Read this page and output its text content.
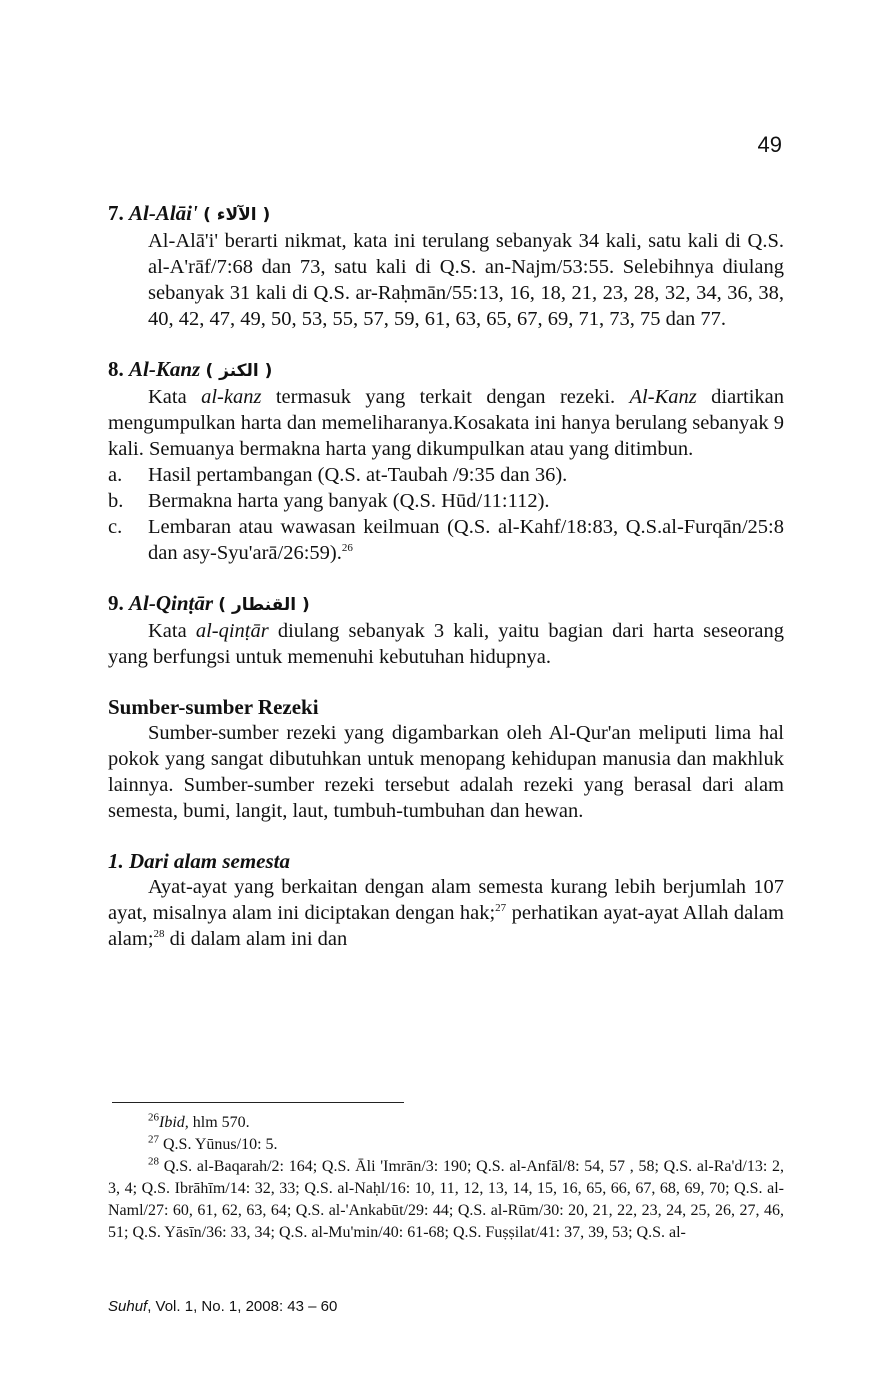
49

7. Al-Alāi' ( الآلاء )

Al-Alā'i' berarti nikmat, kata ini terulang sebanyak 34 kali, satu kali di Q.S. al-A'rāf/7:68 dan 73, satu kali di Q.S. an-Najm/53:55. Selebihnya diulang sebanyak 31 kali di Q.S. ar-Raḥmān/55:13, 16, 18, 21, 23, 28, 32, 34, 36, 38, 40, 42, 47, 49, 50, 53, 55, 57, 59, 61, 63, 65, 67, 69, 71, 73, 75 dan 77.

8. Al-Kanz ( الكنز )

Kata al-kanz termasuk yang terkait dengan rezeki. Al-Kanz diartikan mengumpulkan harta dan memeliharanya.Kosakata ini hanya berulang sebanyak 9 kali. Semuanya bermakna harta yang dikumpulkan atau yang ditimbun.

a.	Hasil pertambangan (Q.S. at-Taubah /9:35 dan 36).
b.	Bermakna harta yang banyak (Q.S. Hūd/11:112).
c.	Lembaran atau wawasan keilmuan (Q.S. al-Kahf/18:83, Q.S.al-Furqān/25:8 dan asy-Syu'arā/26:59).$^{26}$

9. Al-Qinṭār ( القنطار )

Kata al-qinṭār diulang sebanyak 3 kali, yaitu bagian dari harta seseorang yang berfungsi untuk memenuhi kebutuhan hidupnya.

Sumber-sumber Rezeki

Sumber-sumber rezeki yang digambarkan oleh Al-Qur'an meliputi lima hal pokok yang sangat dibutuhkan untuk menopang kehidupan manusia dan makhluk lainnya. Sumber-sumber rezeki tersebut adalah rezeki yang berasal dari alam semesta, bumi, langit, laut, tumbuh-tumbuhan dan hewan.

1. Dari alam semesta

Ayat-ayat yang berkaitan dengan alam semesta kurang lebih berjumlah 107 ayat, misalnya alam ini diciptakan dengan hak;$^{27}$ perhatikan ayat-ayat Allah dalam alam;$^{28}$ di dalam alam ini dan

$^{26}$Ibid, hlm 570.

$^{27}$ Q.S. Yūnus/10: 5.

$^{28}$ Q.S. al-Baqarah/2: 164; Q.S. Āli 'Imrān/3: 190; Q.S. al-Anfāl/8: 54, 57 , 58; Q.S. al-Ra'd/13: 2, 3, 4; Q.S. Ibrāhīm/14: 32, 33; Q.S. al-Naḥl/16: 10, 11, 12, 13, 14, 15, 16, 65, 66, 67, 68, 69, 70; Q.S. al-Naml/27: 60, 61, 62, 63, 64; Q.S. al-'Ankabūt/29: 44; Q.S. al-Rūm/30: 20, 21, 22, 23, 24, 25, 26, 27, 46, 51; Q.S. Yāsīn/36: 33, 34; Q.S. al-Mu'min/40: 61-68; Q.S. Fuṣṣilat/41: 37, 39, 53; Q.S. al-

Suhuf, Vol. 1, No. 1, 2008: 43 – 60
